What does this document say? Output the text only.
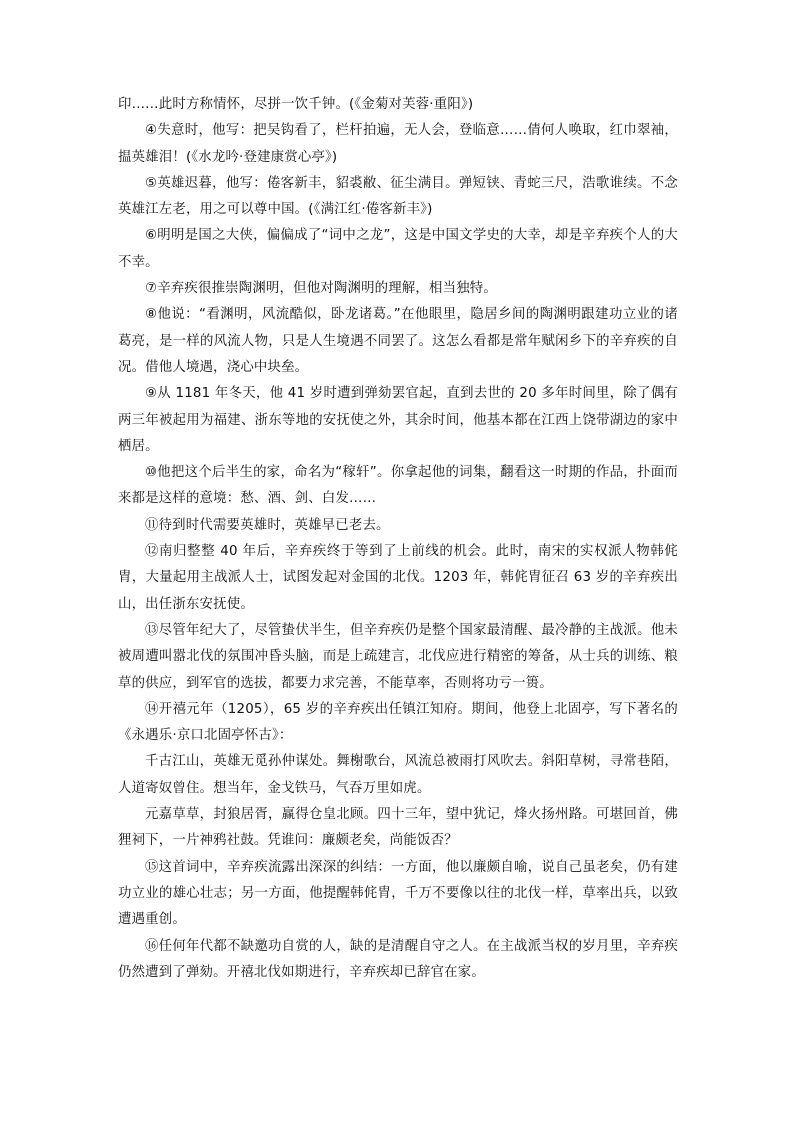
印……此时方称情怀，尽拼一饮千钟。(《金菊对芙蓉·重阳》)

④失意时，他写：把吴钩看了，栏杆拍遍，无人会，登临意……倩何人唤取，红巾翠袖，揾英雄泪！(《水龙吟·登建康赏心亭》)

⑤英雄迟暮，他写：倦客新丰，貂裘敝、征尘满目。弹短铗、青蛇三尺，浩歌谁续。不念英雄江左老，用之可以尊中国。(《满江红·倦客新丰》)

⑥明明是国之大侠，偏偏成了“词中之龙”，这是中国文学史的大幸，却是辛弃疾个人的大不幸。

⑦辛弃疾很推崇陶渊明，但他对陶渊明的理解，相当独特。

⑧他说：“看渊明，风流酷似，卧龙诸葛。”在他眼里，隐居乡间的陶渊明跟建功立业的诸葛亮，是一样的风流人物，只是人生境遇不同罢了。这怎么看都是常年赋闲乡下的辛弃疾的自况。借他人境遇，浇心中块垒。

⑨从 1181 年冬天，他 41 岁时遭到弹劾罢官起，直到去世的 20 多年时间里，除了偶有两三年被起用为福建、浙东等地的安抚使之外，其余时间，他基本都在江西上饶带湖边的家中栖居。

⑩他把这个后半生的家，命名为“稼轩”。你拿起他的词集，翻看这一时期的作品，扑面而来都是这样的意境：愁、酒、剑、白发……

⑪待到时代需要英雄时，英雄早已老去。

⑫南归整整 40 年后，辛弃疾终于等到了上前线的机会。此时，南宋的实权派人物韩侂胄，大量起用主战派人士，试图发起对金国的北伐。1203 年，韩侂胄征召 63 岁的辛弃疾出山，出任浙东安抚使。

⑬尽管年纪大了，尽管蛰伏半生，但辛弃疾仍是整个国家最清醒、最冷静的主战派。他未被周遭叫嚣北伐的氛围冲昏头脑，而是上疏建言，北伐应进行精密的筹备，从士兵的训练、粮草的供应，到军官的选拔，都要力求完善，不能草率，否则将功亏一篑。

⑭开禧元年（1205），65 岁的辛弃疾出任镇江知府。期间，他登上北固亭，写下著名的《永遇乐·京口北固亭怀古》：

千古江山，英雄无觅孙仲谋处。舞榭歌台，风流总被雨打风吹去。斜阳草树，寻常巷陌，人道寄奴曾住。想当年，金戈铁马，气吞万里如虎。

元嘉草草，封狼居胥，赢得仓皇北顾。四十三年，望中犹记，烽火扬州路。可堪回首，佛狸祠下，一片神鸦社鼓。凭谁问：廉颇老矣，尚能饭否？

⑮这首词中，辛弃疾流露出深深的纠结：一方面，他以廉颇自喻，说自己虽老矣，仍有建功立业的雄心壮志；另一方面，他提醒韩侂胄，千万不要像以往的北伐一样，草率出兵，以致遭遇重创。

⑯任何年代都不缺邀功自赏的人，缺的是清醒自守之人。在主战派当权的岁月里，辛弃疾仍然遭到了弹劾。开禧北伐如期进行，辛弃疾却已辞官在家。
